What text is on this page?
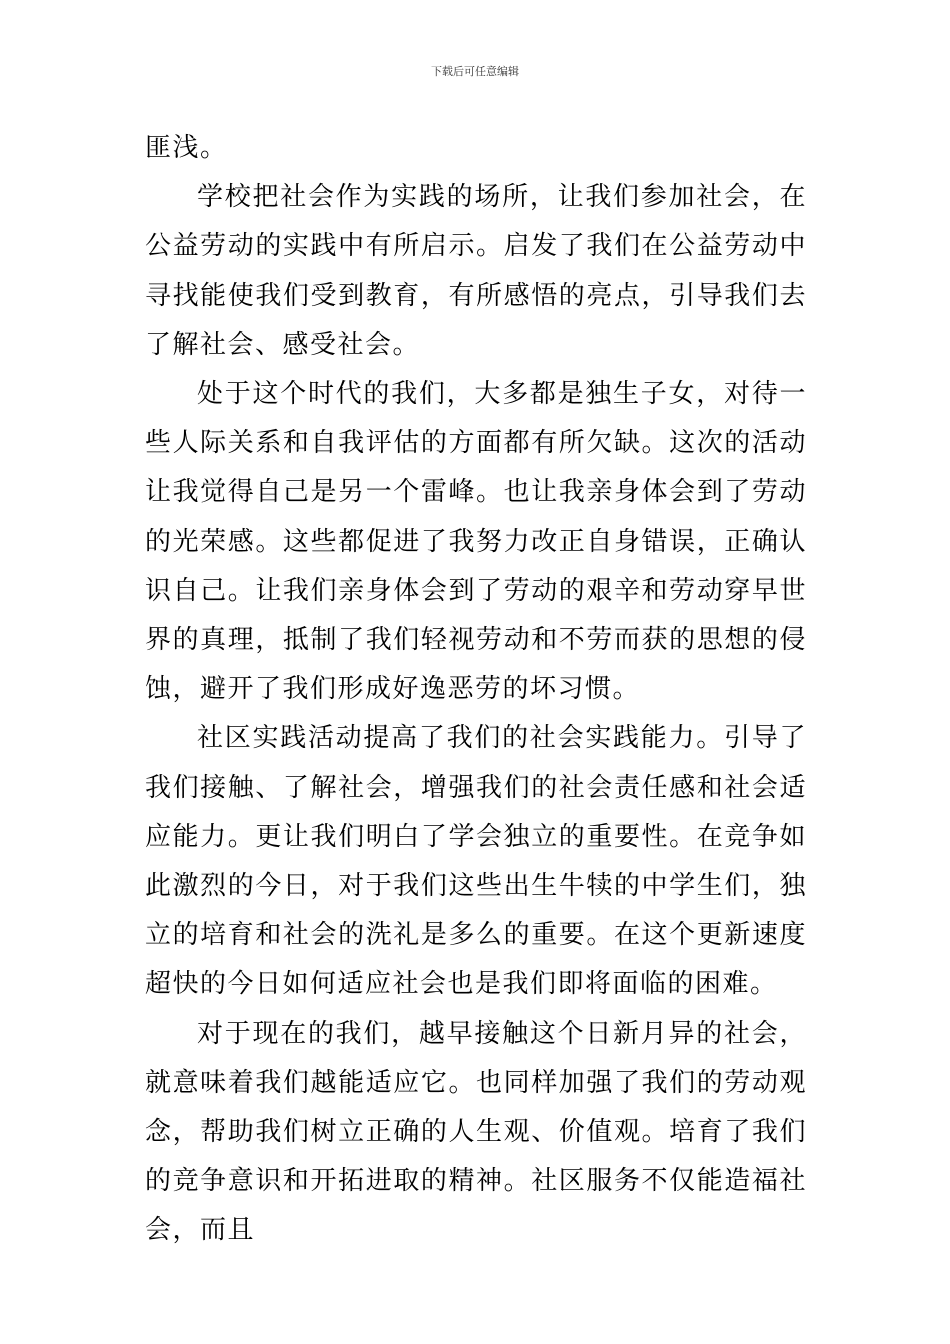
下载后可任意编辑

匪浅。

学校把社会作为实践的场所，让我们参加社会，在公益劳动的实践中有所启示。启发了我们在公益劳动中寻找能使我们受到教育，有所感悟的亮点，引导我们去了解社会、感受社会。

处于这个时代的我们，大多都是独生子女，对待一些人际关系和自我评估的方面都有所欠缺。这次的活动让我觉得自己是另一个雷峰。也让我亲身体会到了劳动的光荣感。这些都促进了我努力改正自身错误，正确认识自己。让我们亲身体会到了劳动的艰辛和劳动穿早世界的真理，抵制了我们轻视劳动和不劳而获的思想的侵蚀，避开了我们形成好逸恶劳的坏习惯。

社区实践活动提高了我们的社会实践能力。引导了我们接触、了解社会，增强我们的社会责任感和社会适应能力。更让我们明白了学会独立的重要性。在竞争如此激烈的今日，对于我们这些出生牛犊的中学生们，独立的培育和社会的洗礼是多么的重要。在这个更新速度超快的今日如何适应社会也是我们即将面临的困难。

对于现在的我们，越早接触这个日新月异的社会，就意味着我们越能适应它。也同样加强了我们的劳动观念，帮助我们树立正确的人生观、价值观。培育了我们的竞争意识和开拓进取的精神。社区服务不仅能造福社会，而且
